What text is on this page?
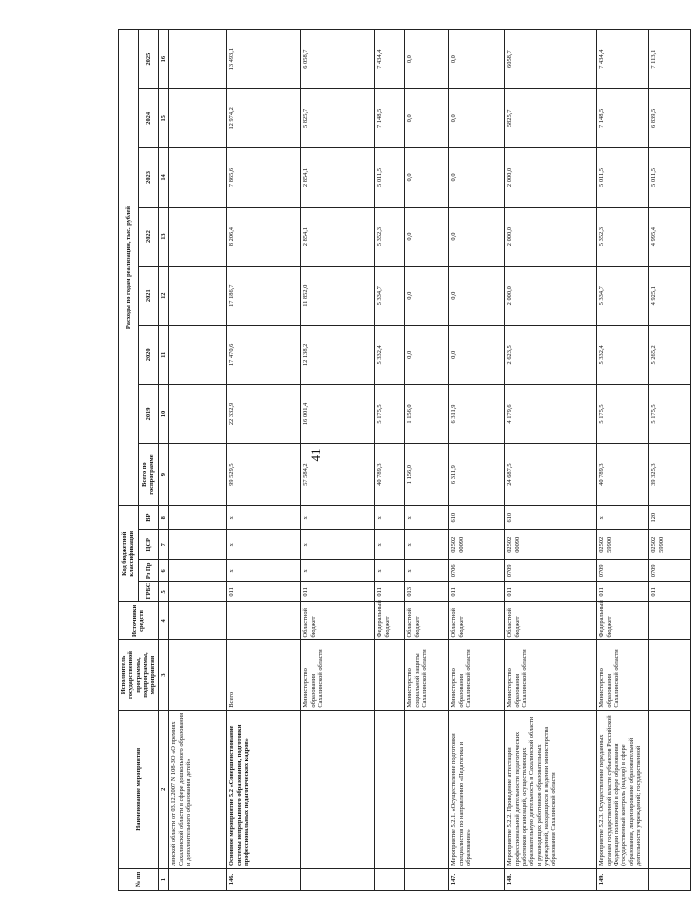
41
№ пп	Наименование мероприятия	Исполнитель государственной программы, подпрограммы, мероприятия	Источники средств	Код бюджетной классификации				Расходы по годам реализации, тыс. рублей							
				ГРБС	Рз Пр	ЦСР	ВР	Всего по госпрограмме	2019	2020	2021	2022	2023	2024	2025
1	2	3	4	5	6	7	8	9	10	11	12	13	14	15	16
	линской области от 03.12.2007 N 108-ЗО «О премиях Сахалинской области в сфере дошкольного образования и дополнительного образования детей»														
146.	Основное мероприятие 5.2 «Совершенствование системы непрерывного образования, подготовки профессиональных педагогических кадров»	Всего		011	х	х	х	99 529,5	22 332,9	17 470,6	17 186,7	8 206,4	7 865,6	12 974,2	13 493,1
		Министерство образования Сахалинской области	Областной бюджет	011	х	х	х	57 584,2	16 001,4	12 138,2	11 852,0	2 854,1	2 854,1	5 825,7	6 058,7
			Федеральный бюджет	011	х	х	х	40 789,3	5 175,5	5 332,4	5 334,7	5 352,3	5 011,5	7 148,5	7 434,4
		Министерство социальной защиты Сахалинской области	Областной бюджет	013	х	х	х	1 156,0	1 156,0	0,0	0,0	0,0	0,0	0,0	0,0
147.	Мероприятие 5.2.1. «Осуществление подготовки специалистов по направлению «Педагогика и образование»	Министерство образования Сахалинской области	Областной бюджет	011	0706	02502 00090	610	6 311,9	6 311,9	0,0	0,0	0,0	0,0	0,0	0,0
148.	Мероприятие 5.2.2. Проведение аттестации профессиональной деятельности педагогических работников организаций, осуществляющих образовательную деятельность в Сахалинской области и руководящих работников образовательных учреждений, находящихся в ведении министерства образования Сахалинской области	Министерство образования Сахалинской области	Областной бюджет	011	0709	02502 00090	610	24 687,5	4 179,6	2 623,5	2 000,0	2 000,0	2 000,0	5825,7	6058,7
149.	Мероприятие 5.2.3. Осуществление переданных органам государственной власти субъектов Российской Федерации полномочий в сфере образования (государственный контроль (надзор) в сфере образования, лицензирование образовательной деятельности учреждений; государственной	Министерство образования Сахалинской области	Федеральный бюджет	011	0709	02502 59900	х	40 789,3	5 175,5	5 332,4	5 334,7	5 352,3	5 011,5	7 148,5	7 434,4
				011	0709	02502 59900	120	39 325,3	5 175,5	5 265,2	4 925,1	4 995,4	5 011,5	6 839,5	7 113,1
